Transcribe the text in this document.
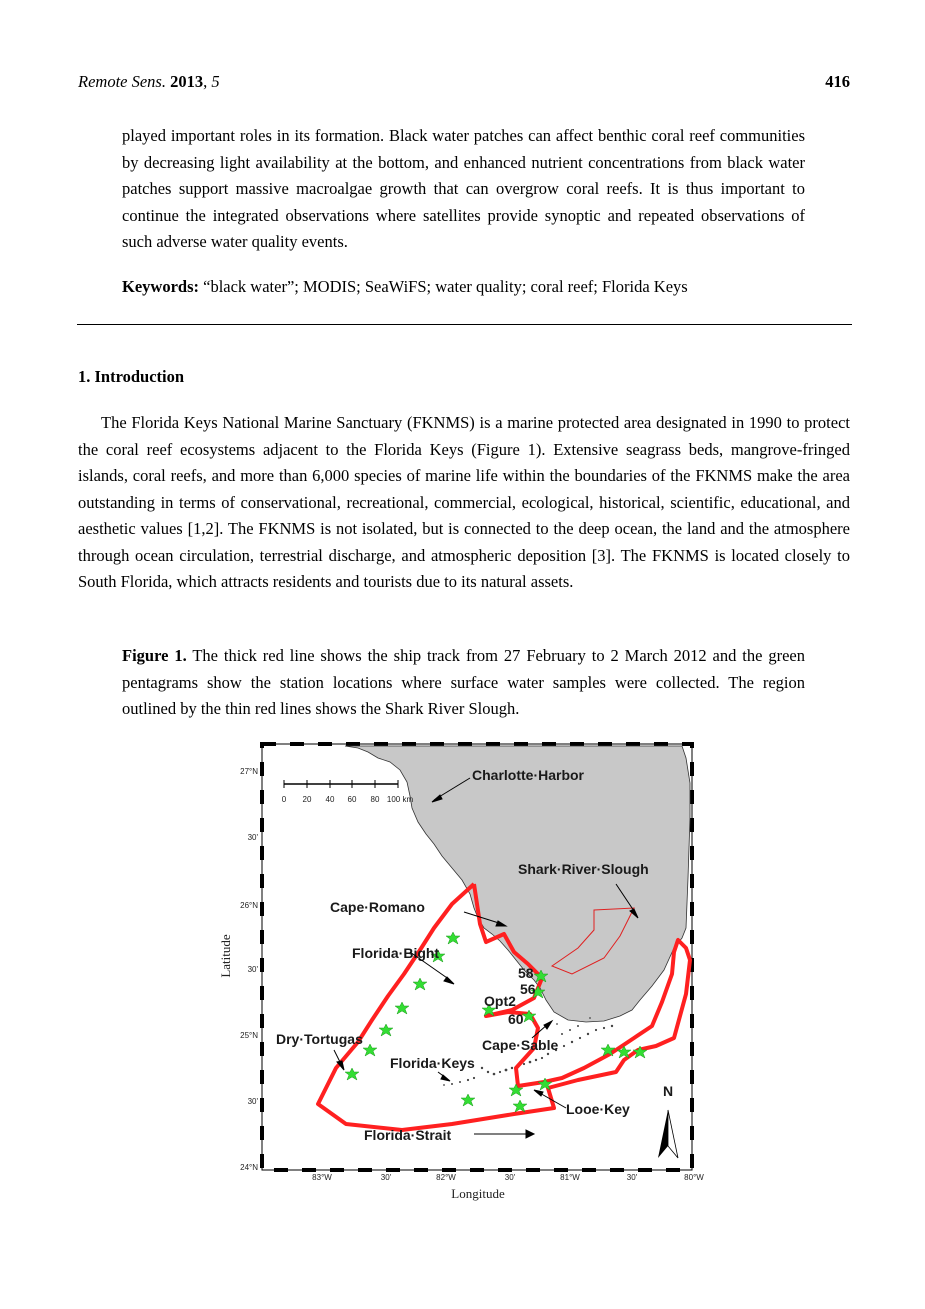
Remote Sens. 2013, 5	416

played important roles in its formation. Black water patches can affect benthic coral reef communities by decreasing light availability at the bottom, and enhanced nutrient concentrations from black water patches support massive macroalgae growth that can overgrow coral reefs. It is thus important to continue the integrated observations where satellites provide synoptic and repeated observations of such adverse water quality events.

Keywords: “black water”; MODIS; SeaWiFS; water quality; coral reef; Florida Keys

1. Introduction

The Florida Keys National Marine Sanctuary (FKNMS) is a marine protected area designated in 1990 to protect the coral reef ecosystems adjacent to the Florida Keys (Figure 1). Extensive seagrass beds, mangrove-fringed islands, coral reefs, and more than 6,000 species of marine life within the boundaries of the FKNMS make the area outstanding in terms of conservational, recreational, commercial, ecological, historical, scientific, educational, and aesthetic values [1,2]. The FKNMS is not isolated, but is connected to the deep ocean, the land and the atmosphere through ocean circulation, terrestrial discharge, and atmospheric deposition [3]. The FKNMS is located closely to South Florida, which attracts residents and tourists due to its natural assets.

Figure 1. The thick red line shows the ship track from 27 February to 2 March 2012 and the green pentagrams show the station locations where surface water samples were collected. The region outlined by the thin red lines shows the Shark River Slough.

0 20 40 60 80 100 km
Charlotte·Harbor
Shark·River·Slough
Cape·Romano
Florida·Bight
Dry·Tortugas
Florida·Keys
Cape·Sable
Looe·Key
Florida·Strait
58
56
Opt2
60
N
27°N
30'
26°N
30'
25°N
30'
24°N
83°W	30'	82°W	30'	81°W	30'	80°W
Longitude
Latitude
